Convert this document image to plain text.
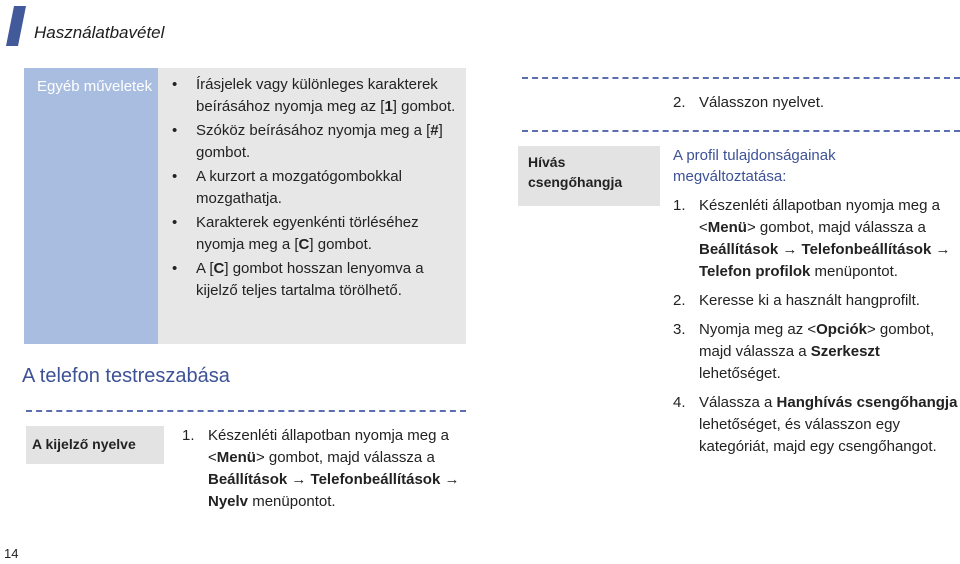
Használatbavétel
Egyéb műveletek
•	Írásjelek vagy különleges karakterek beírásához nyomja meg az [1] gombot.
• Szóköz beírásához nyomja meg a [#] gombot.
• A kurzort a mozgatógombokkal mozgathatja.
• Karakterek egyenkénti törléséhez nyomja meg a [C] gombot.
• A [C] gombot hosszan lenyomva a kijelző teljes tartalma törölhető.
A telefon testreszabása
A kijelző nyelve	1. Készenléti állapotban nyomja meg a <Menü> gombot, majd válassza a Beállítások → Telefonbeállítások → Nyelv menüpontot.
14
2. Válasszon nyelvet.
Hívás
csengőhangja
A profil tulajdonságainak megváltoztatása:
1. Készenléti állapotban nyomja meg a <Menü> gombot, majd válassza a Beállítások → Telefonbeállítások → Telefon profilok menüpontot.
2. Keresse ki a használt hangprofilt.
3. Nyomja meg az <Opciók> gombot, majd válassza a Szerkeszt lehetőséget.
4. Válassza a Hanghívás csengőhangja lehetőséget, és válasszon egy kategóriát, majd egy csengőhangot.
